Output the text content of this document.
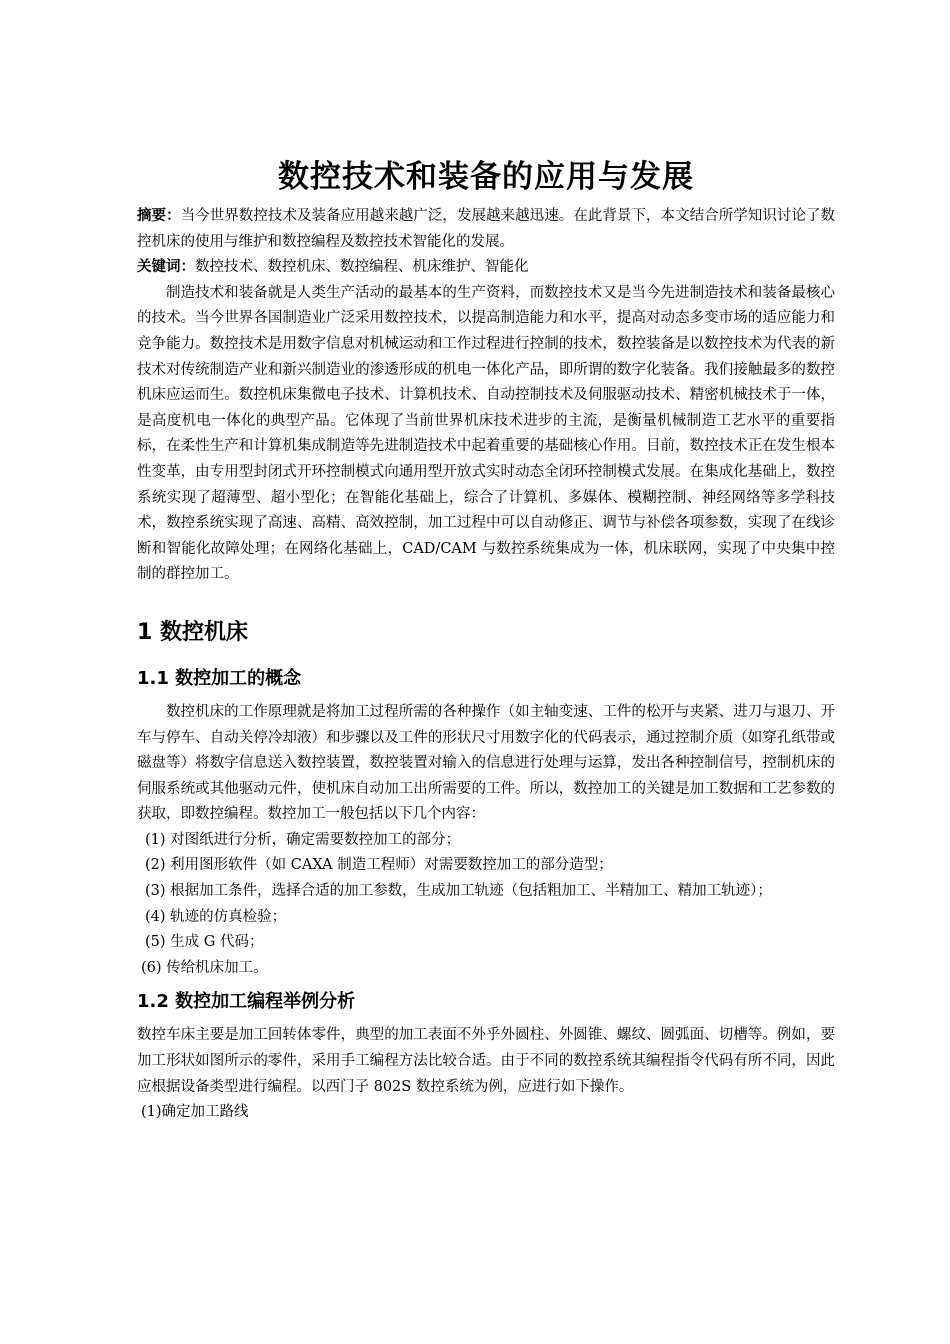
数控技术和装备的应用与发展

摘要：当今世界数控技术及装备应用越来越广泛，发展越来越迅速。在此背景下，本文结合所学知识讨论了数控机床的使用与维护和数控编程及数控技术智能化的发展。

关键词：数控技术、数控机床、数控编程、机床维护、智能化

制造技术和装备就是人类生产活动的最基本的生产资料，而数控技术又是当今先进制造技术和装备最核心的技术。当今世界各国制造业广泛采用数控技术，以提高制造能力和水平，提高对动态多变市场的适应能力和竞争能力。数控技术是用数字信息对机械运动和工作过程进行控制的技术，数控装备是以数控技术为代表的新技术对传统制造产业和新兴制造业的渗透形成的机电一体化产品，即所谓的数字化装备。我们接触最多的数控机床应运而生。数控机床集微电子技术、计算机技术、自动控制技术及伺服驱动技术、精密机械技术于一体，是高度机电一体化的典型产品。它体现了当前世界机床技术进步的主流，是衡量机械制造工艺水平的重要指标，在柔性生产和计算机集成制造等先进制造技术中起着重要的基础核心作用。目前，数控技术正在发生根本性变革，由专用型封闭式开环控制模式向通用型开放式实时动态全闭环控制模式发展。在集成化基础上，数控系统实现了超薄型、超小型化；在智能化基础上，综合了计算机、多媒体、模糊控制、神经网络等多学科技术，数控系统实现了高速、高精、高效控制，加工过程中可以自动修正、调节与补偿各项参数，实现了在线诊断和智能化故障处理；在网络化基础上，CAD/CAM 与数控系统集成为一体，机床联网，实现了中央集中控制的群控加工。

1 数控机床
1.1 数控加工的概念

数控机床的工作原理就是将加工过程所需的各种操作（如主轴变速、工件的松开与夹紧、进刀与退刀、开车与停车、自动关停冷却液）和步骤以及工件的形状尺寸用数字化的代码表示，通过控制介质（如穿孔纸带或磁盘等）将数字信息送入数控装置，数控装置对输入的信息进行处理与运算，发出各种控制信号，控制机床的伺服系统或其他驱动元件，使机床自动加工出所需要的工件。所以，数控加工的关键是加工数据和工艺参数的获取，即数控编程。数控加工一般包括以下几个内容：

(1) 对图纸进行分析，确定需要数控加工的部分；

(2) 利用图形软件（如 CAXA 制造工程师）对需要数控加工的部分造型；

(3) 根据加工条件，选择合适的加工参数，生成加工轨迹（包括粗加工、半精加工、精加工轨迹）；

(4) 轨迹的仿真检验；

(5) 生成 G 代码；

(6) 传给机床加工。

1.2 数控加工编程举例分析

数控车床主要是加工回转体零件，典型的加工表面不外乎外圆柱、外圆锥、螺纹、圆弧面、切槽等。例如，要加工形状如图所示的零件，采用手工编程方法比较合适。由于不同的数控系统其编程指令代码有所不同，因此应根据设备类型进行编程。以西门子 802S 数控系统为例，应进行如下操作。

(1)确定加工路线
